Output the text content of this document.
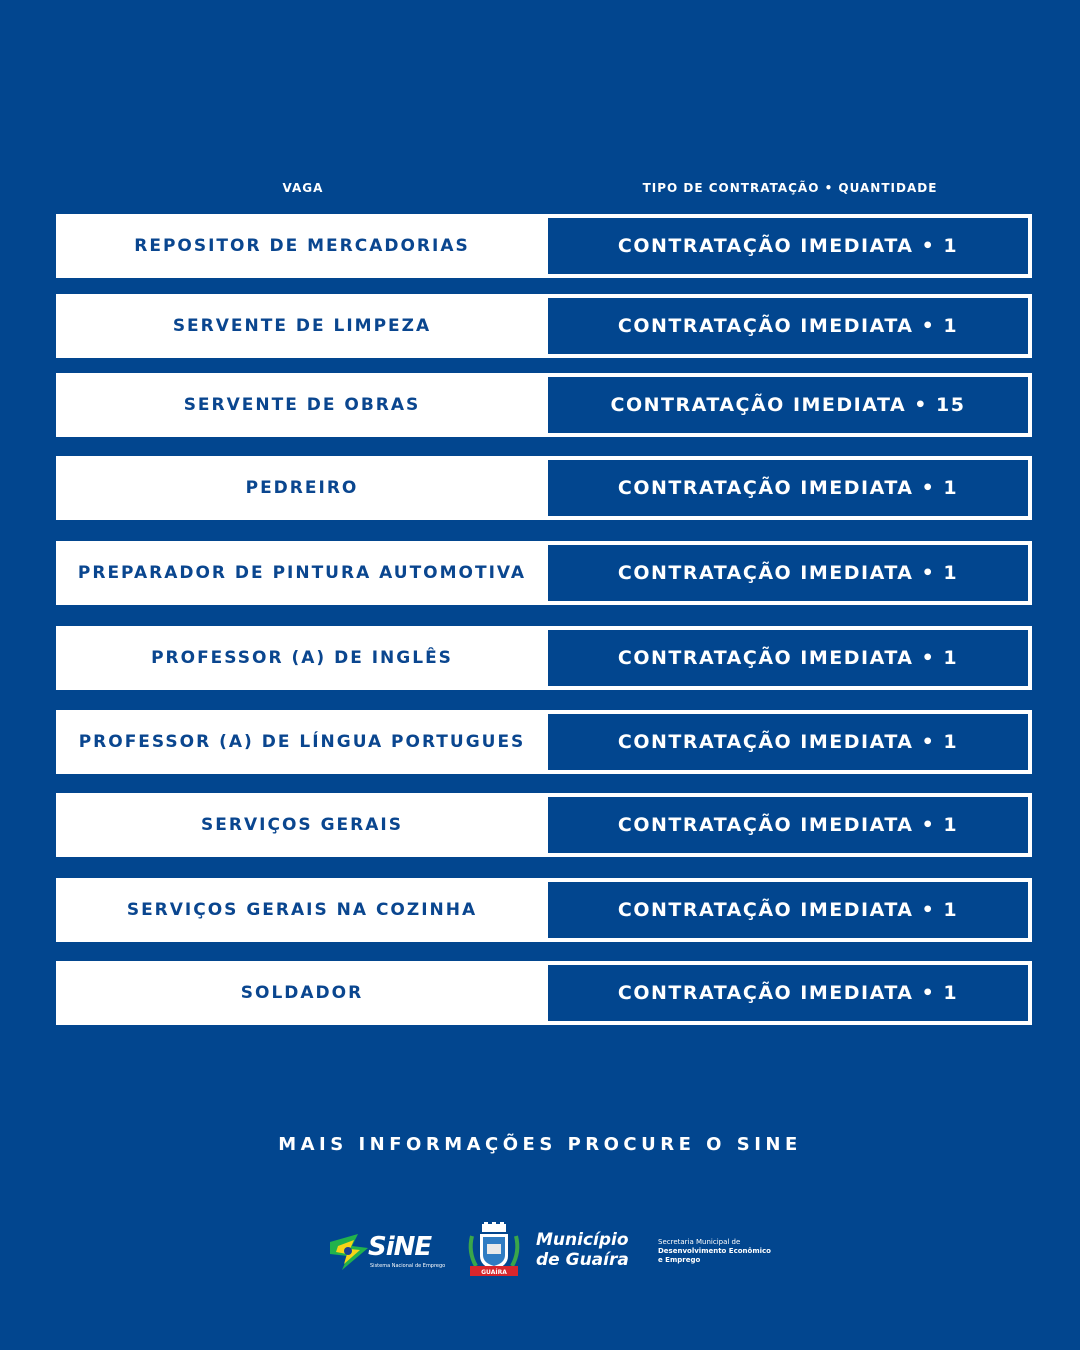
VAGA	TIPO DE CONTRATAÇÃO • QUANTIDADE
REPOSITOR DE MERCADORIAS	CONTRATAÇÃO IMEDIATA • 1
SERVENTE DE LIMPEZA	CONTRATAÇÃO IMEDIATA • 1
SERVENTE DE OBRAS	CONTRATAÇÃO IMEDIATA • 15
PEDREIRO	CONTRATAÇÃO IMEDIATA • 1
PREPARADOR DE PINTURA AUTOMOTIVA	CONTRATAÇÃO IMEDIATA • 1
PROFESSOR (A) DE INGLÊS	CONTRATAÇÃO IMEDIATA • 1
PROFESSOR (A) DE LÍNGUA PORTUGUES	CONTRATAÇÃO IMEDIATA • 1
SERVIÇOS GERAIS	CONTRATAÇÃO IMEDIATA • 1
SERVIÇOS GERAIS NA COZINHA	CONTRATAÇÃO IMEDIATA • 1
SOLDADOR	CONTRATAÇÃO IMEDIATA • 1
MAIS INFORMAÇÕES PROCURE O SINE
SiNE
Sistema Nacional de Emprego
GUAÍRA
Município
de Guaíra
Secretaria Municipal de
Desenvolvimento Econômico
e Emprego
